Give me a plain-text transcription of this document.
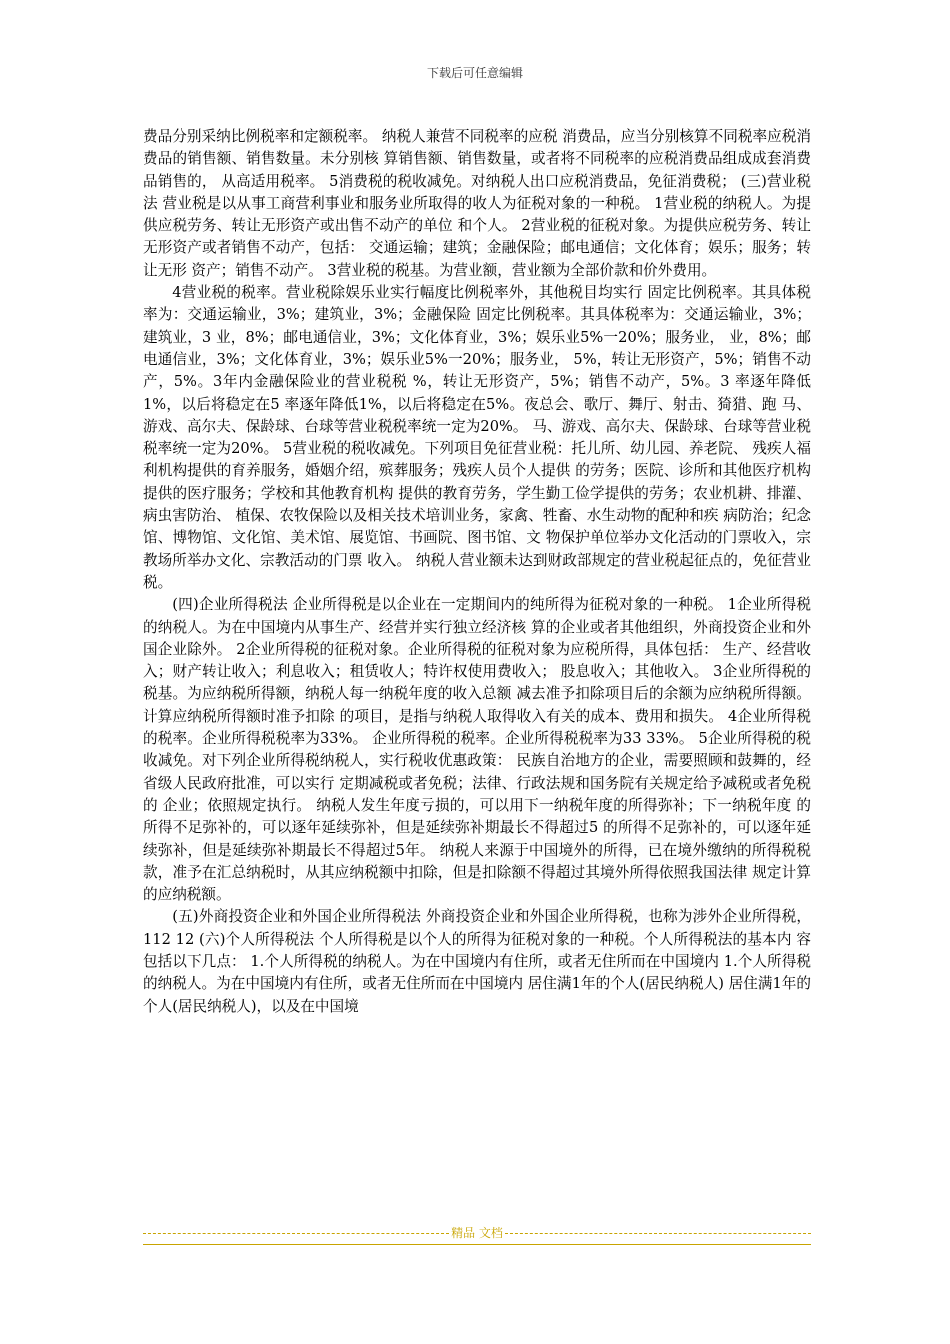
下载后可任意编辑

费品分别采纳比例税率和定额税率。 纳税人兼营不同税率的应税 消费品，应当分别核算不同税率应税消费品的销售额、销售数量。未分别核 算销售额、销售数量，或者将不同税率的应税消费品组成成套消费品销售的， 从高适用税率。 5消费税的税收减免。对纳税人出口应税消费品，免征消费税； (三)营业税法 营业税是以从事工商营利事业和服务业所取得的收人为征税对象的一种税。 1营业税的纳税人。为提供应税劳务、转让无形资产或出售不动产的单位 和个人。 2营业税的征税对象。为提供应税劳务、转让无形资产或者销售不动产，包括： 交通运输；建筑；金融保险；邮电通信；文化体育；娱乐；服务；转让无形 资产；销售不动产。 3营业税的税基。为营业额，营业额为全部价款和价外费用。

4营业税的税率。营业税除娱乐业实行幅度比例税率外，其他税目均实行 固定比例税率。其具体税率为：交通运输业，3%；建筑业，3%；金融保险 固定比例税率。其具体税率为：交通运输业，3%；建筑业，3 业，8%；邮电通信业，3%；文化体育业，3%；娱乐业5%一20%；服务业， 业，8%；邮电通信业，3%；文化体育业，3%；娱乐业5%一20%；服务业， 5%，转让无形资产，5%；销售不动产，5%。3年内金融保险业的营业税税 %，转让无形资产，5%；销售不动产，5%。3 率逐年降低1%，以后将稳定在5 率逐年降低1%，以后将稳定在5%。夜总会、歌厅、舞厅、射击、猗猎、跑 马、游戏、高尔夫、保龄球、台球等营业税税率统一定为20%。 马、游戏、高尔夫、保龄球、台球等营业税税率统一定为20%。 5营业税的税收减免。下列项目免征营业税：托儿所、幼儿园、养老院、 残疾人福利机构提供的育养服务，婚姻介绍，殡葬服务；残疾人员个人提供 的劳务；医院、诊所和其他医疗机构提供的医疗服务；学校和其他教育机构 提供的教育劳务，学生勤工俭学提供的劳务；农业机耕、排灌、病虫害防治、 植保、农牧保险以及相关技术培训业务，家禽、牲畜、水生动物的配种和疾 病防治；纪念馆、博物馆、文化馆、美术馆、展览馆、书画院、图书馆、文 物保护单位举办文化活动的门票收入，宗教场所举办文化、宗教活动的门票 收入。 纳税人营业额未达到财政部规定的营业税起征点的，免征营业税。

(四)企业所得税法 企业所得税是以企业在一定期间内的纯所得为征税对象的一种税。 1企业所得税的纳税人。为在中国境内从事生产、经营并实行独立经济核 算的企业或者其他组织，外商投资企业和外国企业除外。 2企业所得税的征税对象。企业所得税的征税对象为应税所得，具体包括： 生产、经营收入；财产转让收入；利息收入；租赁收人；特许权使用费收入； 股息收入；其他收入。 3企业所得税的税基。为应纳税所得额，纳税人每一纳税年度的收入总额 减去准予扣除项目后的余额为应纳税所得额。计算应纳税所得额时准予扣除 的项目，是指与纳税人取得收入有关的成本、费用和损失。 4企业所得税的税率。企业所得税税率为33%。 企业所得税的税率。企业所得税税率为33 33%。 5企业所得税的税收减免。对下列企业所得税纳税人，实行税收优惠政策： 民族自治地方的企业，需要照顾和鼓舞的，经省级人民政府批准，可以实行 定期减税或者免税；法律、行政法规和国务院有关规定给予减税或者免税的 企业；依照规定执行。 纳税人发生年度亏损的，可以用下一纳税年度的所得弥补；下一纳税年度 的所得不足弥补的，可以逐年延续弥补，但是延续弥补期最长不得超过5 的所得不足弥补的，可以逐年延续弥补，但是延续弥补期最长不得超过5年。 纳税人来源于中国境外的所得，已在境外缴纳的所得税税款，准予在汇总纳税时，从其应纳税额中扣除，但是扣除额不得超过其境外所得依照我国法律 规定计算的应纳税额。

(五)外商投资企业和外国企业所得税法 外商投资企业和外国企业所得税，也称为涉外企业所得税， 112 12 (六)个人所得税法 个人所得税是以个人的所得为征税对象的一种税。个人所得税法的基本内 容包括以下几点： 1.个人所得税的纳税人。为在中国境内有住所，或者无住所而在中国境内 1.个人所得税的纳税人。为在中国境内有住所，或者无住所而在中国境内 居住满1年的个人(居民纳税人) 居住满1年的个人(居民纳税人)，以及在中国境

精品 文档
